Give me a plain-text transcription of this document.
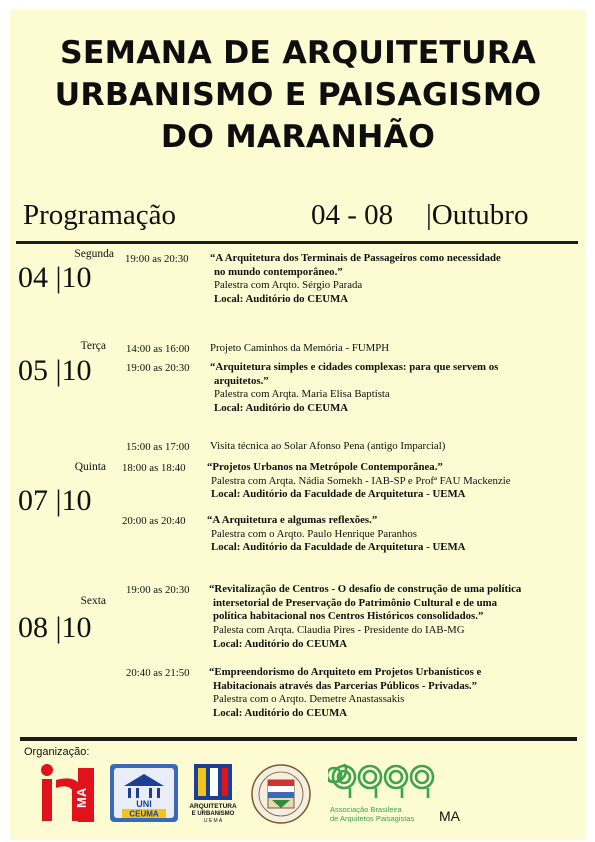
SEMANA DE ARQUITETURA
URBANISMO E PAISAGISMO
DO MARANHÃO
Programação	04 - 08 |Outubro
Segunda
04 |10
Terça
05 |10
Quinta
07 |10
Sexta
08 |10
19:00 as 20:30 “A Arquitetura dos Terminais de Passageiros como necessidade
no mundo contemporâneo.”
Palestra com Arqto. Sérgio Parada
Local: Auditório do CEUMA
14:00 as 16:00 Projeto Caminhos da Memória - FUMPH
19:00 as 20:30 “Arquitetura simples e cidades complexas: para que servem os
arquitetos.”
Palestra com Arqta. Maria Elisa Baptista
Local: Auditório do CEUMA
15:00 as 17:00 Visita técnica ao Solar Afonso Pena (antigo Imparcial)
18:00 as 18:40 “Projetos Urbanos na Metrópole Contemporânea.”
Palestra com Arqta. Nádia Somekh - IAB-SP e Profª FAU Mackenzie
Local: Auditório da Faculdade de Arquitetura - UEMA
20:00 as 20:40 “A Arquitetura e algumas reflexões.”
Palestra com o Arqto. Paulo Henrique Paranhos
Local: Auditório da Faculdade de Arquitetura - UEMA
19:00 as 20:30 “Revitalização de Centros - O desafio de construção de uma política
intersetorial de Preservação do Patrimônio Cultural e de uma
política habitacional nos Centros Históricos consolidados.”
Palesta com Arqta. Claudia Pires - Presidente do IAB-MG
Local: Auditório do CEUMA
20:40 as 21:50 “Empreendorismo do Arquiteto em Projetos Urbanísticos e
Habitacionais através das Parcerias Públicos - Privadas.”
Palestra com o Arqto. Demetre Anastassakis
Local: Auditório do CEUMA
Organização:
MA	UNI
CEUMA
ARQUITETURA
E URBANISMO
U E M A
Associação Brasileira
de Arquitetos Paisagistas MA
